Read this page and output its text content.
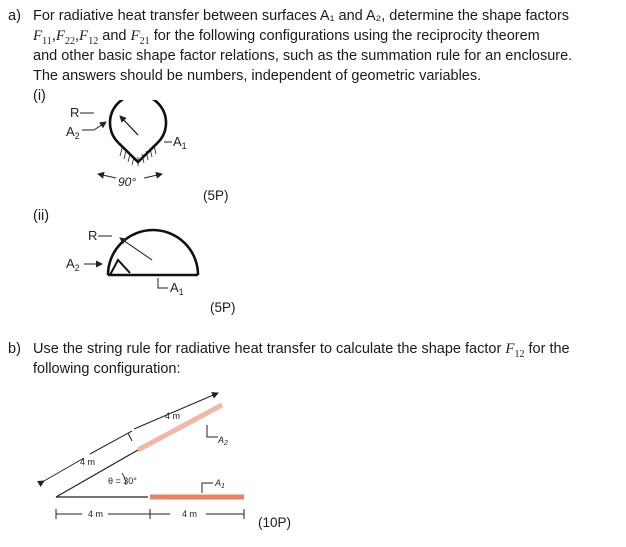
a) For radiative heat transfer between surfaces A₁ and A₂, determine the shape factors
$F_{11},F_{22},F_{12}$ and $F_{21}$ for the following configurations using the reciprocity theorem
and other basic shape factor relations, such as the summation rule for an enclosure.
The answers should be numbers, independent of geometric variables.
(i)
R
$A_2$	$A_1$
90°
(5P)
(ii)
R
$A_2$
$A_1$
(5P)
b) Use the string rule for radiative heat transfer to calculate the shape factor $F_{12}$ for the
following configuration:
4 m
4 m
θ = 30°
$A_2$
$A_1$
4 m	4 m
(10P)
